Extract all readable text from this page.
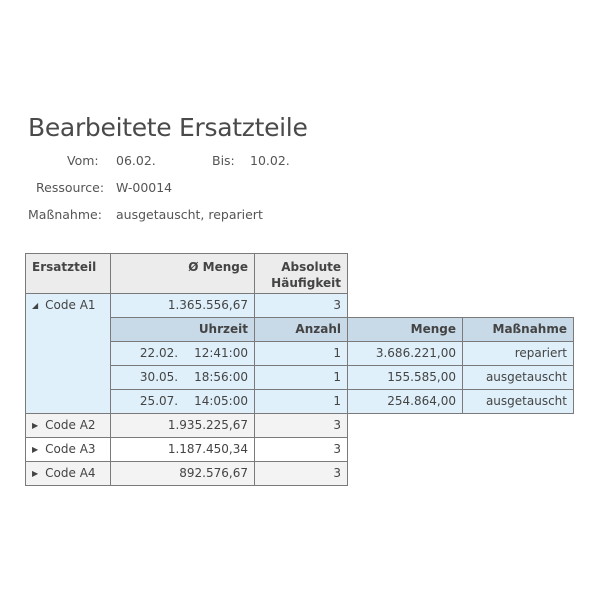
Bearbeitete Ersatzteile
Vom: 06.02.	Bis: 10.02.
Ressource: W-00014
Maßnahme: ausgetauscht, repariert
Ersatzteil	Ø Menge	Absolute Häufigkeit
◢ Code A1	1.365.556,67	3
Uhrzeit	Anzahl	Menge	Maßnahme
22.02. 12:41:00	1	3.686.221,00	repariert
30.05. 18:56:00	1	155.585,00	ausgetauscht
25.07. 14:05:00	1	254.864,00	ausgetauscht
▶ Code A2	1.935.225,67	3
▶ Code A3	1.187.450,34	3
▶ Code A4	892.576,67	3
